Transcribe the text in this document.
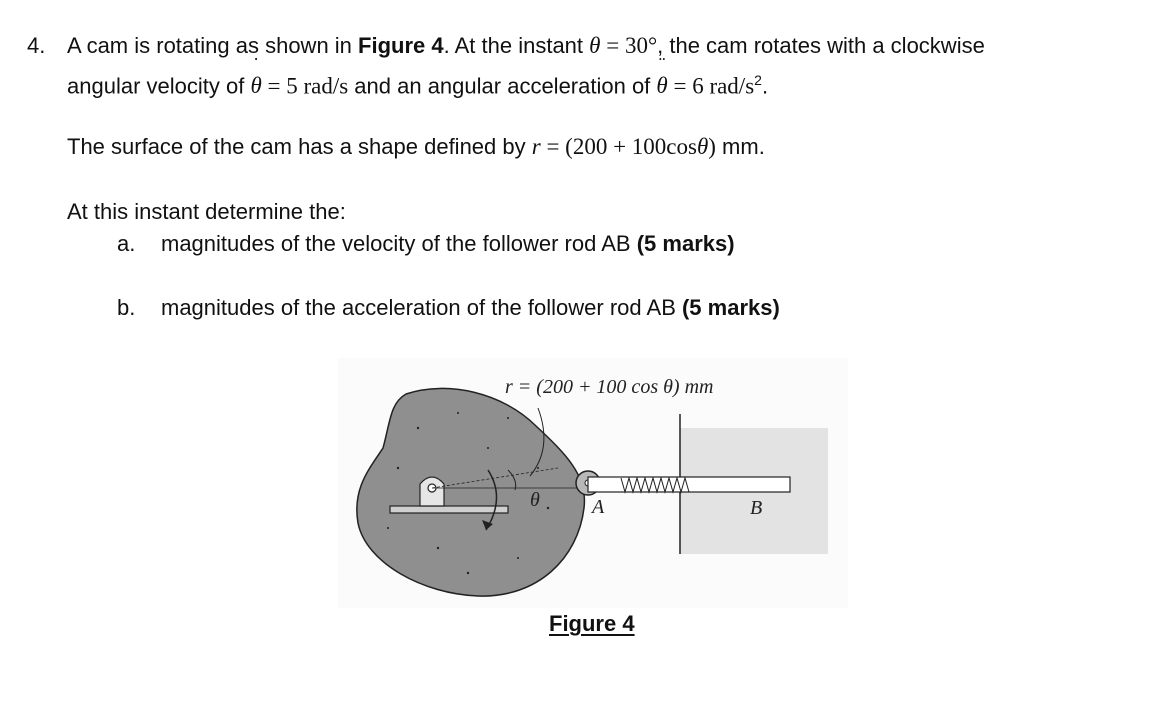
4. A cam is rotating as shown in Figure 4. At the instant θ = 30°, the cam rotates with a clockwise
angular velocity of θ
˙
= 5 rad/s and an angular acceleration of θ
¨
= 6 rad/$s^2$.
The surface of the cam has a shape defined by r = (200 + 100cosθ) mm.
At this instant determine the:
a. magnitudes of the velocity of the follower rod AB (5 marks)
b. magnitudes of the acceleration of the follower rod AB (5 marks)
r = (200 + 100 cos θ) mm
θ	A	B
Figure 4
